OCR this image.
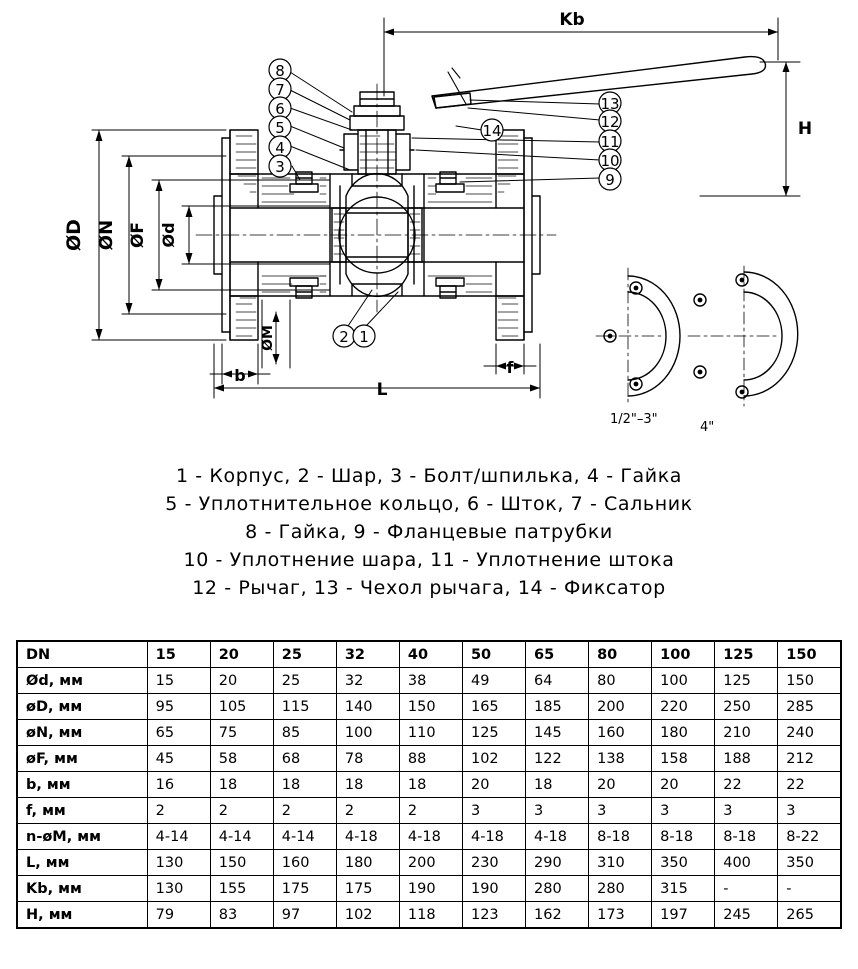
Kb
H
ØD ØN ØF Ød
ØM
b	f
L
8
7
6
5
4
3
13
12
11
10
9
14
2 1
1/2"–3"
4"
1 - Корпус, 2 - Шар, 3 - Болт/шпилька, 4 - Гайка
5 - Уплотнительное кольцо, 6 - Шток, 7 - Сальник
8 - Гайка, 9 - Фланцевые патрубки
10 - Уплотнение шара, 11 - Уплотнение штока
12 - Рычаг, 13 - Чехол рычага, 14 - Фиксатор
DN	15	20	25	32	40	50	65	80	100	125	150
Ød, мм	15	20	25	32	38	49	64	80	100	125	150
øD, мм	95	105	115	140	150	165	185	200	220	250	285
øN, мм	65	75	85	100	110	125	145	160	180	210	240
øF, мм	45	58	68	78	88	102	122	138	158	188	212
b, мм	16	18	18	18	18	20	18	20	20	22	22
f, мм	2	2	2	2	2	3	3	3	3	3	3
n-øM, мм	4-14	4-14	4-14	4-18	4-18	4-18	4-18	8-18	8-18	8-18	8-22
L, мм	130	150	160	180	200	230	290	310	350	400	350
Kb, мм	130	155	175	175	190	190	280	280	315	-	-
H, мм	79	83	97	102	118	123	162	173	197	245	265
